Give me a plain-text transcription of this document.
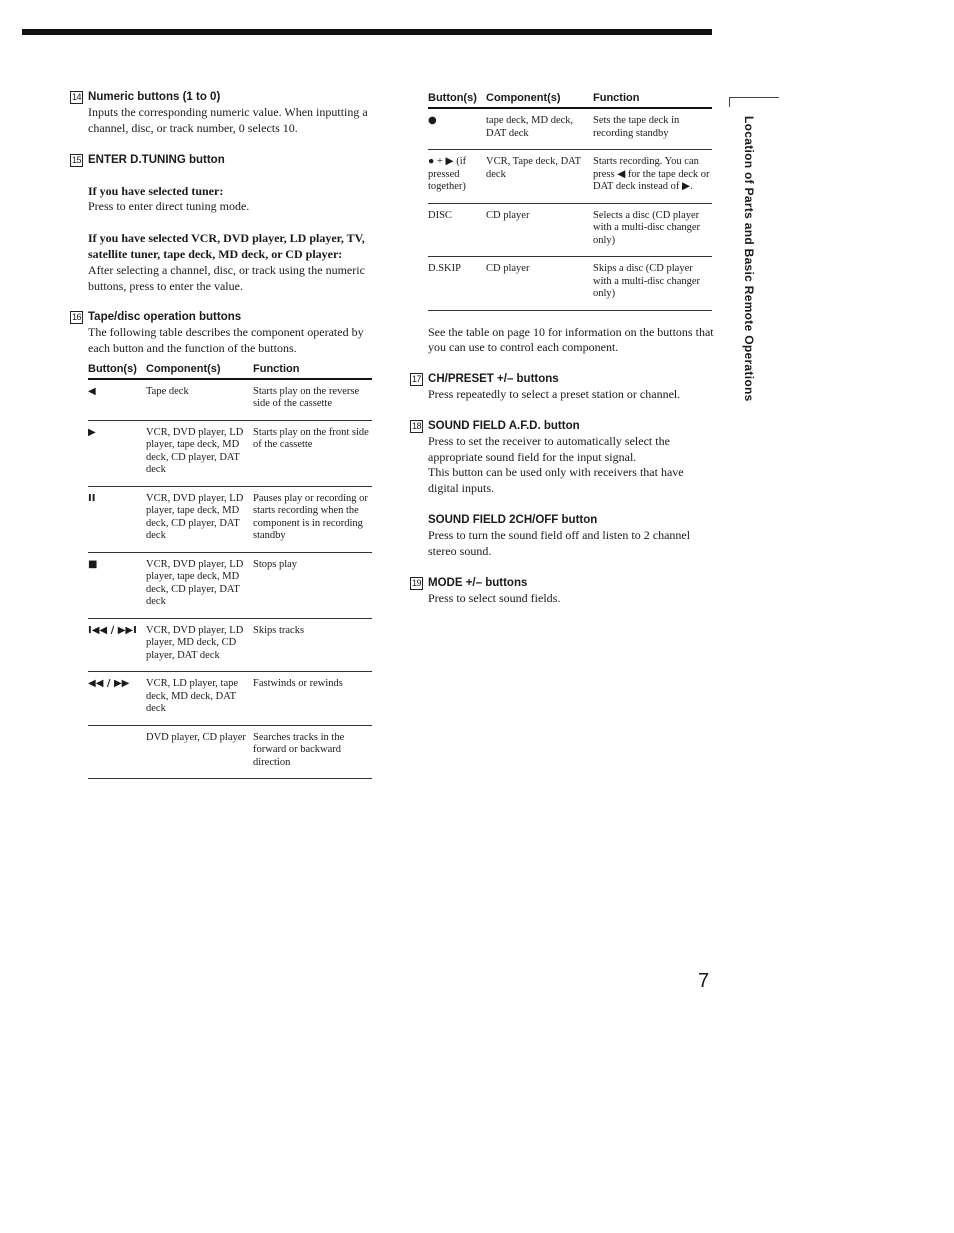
14 Numeric buttons (1 to 0)

Inputs the corresponding numeric value. When inputting a channel, disc, or track number, 0 selects 10.

15 ENTER D.TUNING button

If you have selected tuner:

Press to enter direct tuning mode.

If you have selected VCR, DVD player, LD player, TV, satellite tuner, tape deck, MD deck, or CD player:

After selecting a channel, disc, or track using the numeric buttons, press to enter the value.

16 Tape/disc operation buttons

The following table describes the component operated by each button and the function of the buttons.

Button(s)	Component(s)	Function
◀	Tape deck	Starts play on the reverse side of the cassette
▶	VCR, DVD player, LD player, tape deck, MD deck, CD player, DAT deck	Starts play on the front side of the cassette
II	VCR, DVD player, LD player, tape deck, MD deck, CD player, DAT deck	Pauses play or recording or starts recording when the component is in recording standby
■	VCR, DVD player, LD player, tape deck, MD deck, CD player, DAT deck	Stops play
I◀◀ / ▶▶I	VCR, DVD player, LD player, MD deck, CD player, DAT deck	Skips tracks
◀◀ / ▶▶	VCR, LD player, tape deck, MD deck, DAT deck	Fastwinds or rewinds
	DVD player, CD player	Searches tracks in the forward or backward direction
Button(s)	Component(s)	Function
●	tape deck, MD deck, DAT deck	Sets the tape deck in recording standby
● + ▶ (if pressed together)	VCR, Tape deck, DAT deck	Starts recording. You can press ◀ for the tape deck or DAT deck instead of ▶.
DISC	CD player	Selects a disc (CD player with a multi-disc changer only)
D.SKIP	CD player	Skips a disc (CD player with a multi-disc changer only)

See the table on page 10 for information on the buttons that you can use to control each component.

17 CH/PRESET +/– buttons

Press repeatedly to select a preset station or channel.

18 SOUND FIELD A.F.D. button

Press to set the receiver to automatically select the appropriate sound field for the input signal.

This button can be used only with receivers that have digital inputs.

SOUND FIELD 2CH/OFF button

Press to turn the sound field off and listen to 2 channel stereo sound.

19 MODE +/– buttons

Press to select sound fields.

Location of Parts and Basic Remote Operations
7
